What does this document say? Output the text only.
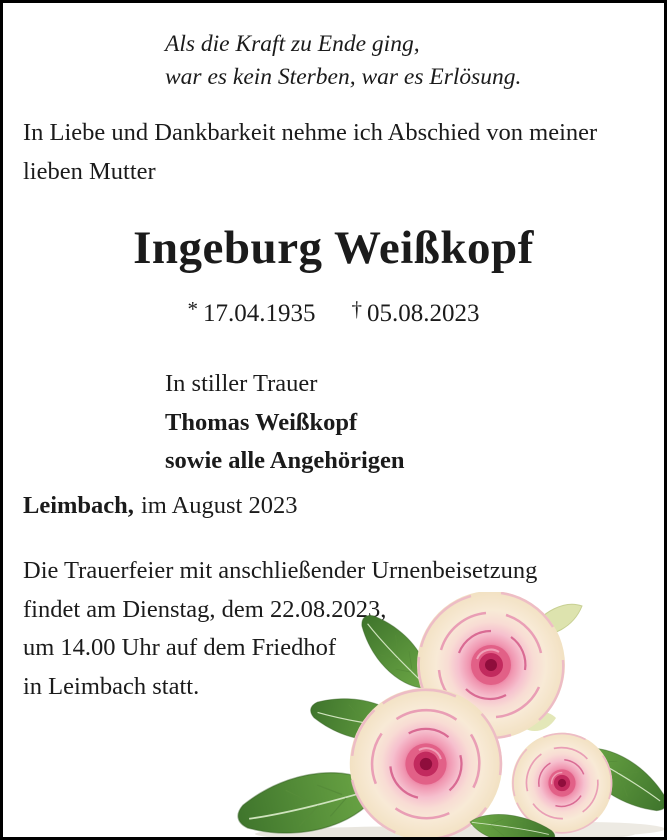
Als die Kraft zu Ende ging,
war es kein Sterben, war es Erlösung.
In Liebe und Dankbarkeit nehme ich Abschied von meiner
lieben Mutter
Ingeburg Weißkopf
* 17.04.1935 † 05.08.2023
In stiller Trauer
Thomas Weißkopf
sowie alle Angehörigen
Leimbach, im August 2023
Die Trauerfeier mit anschließender Urnenbeisetzung
findet am Dienstag, dem 22.08.2023,
um 14.00 Uhr auf dem Friedhof
in Leimbach statt.
